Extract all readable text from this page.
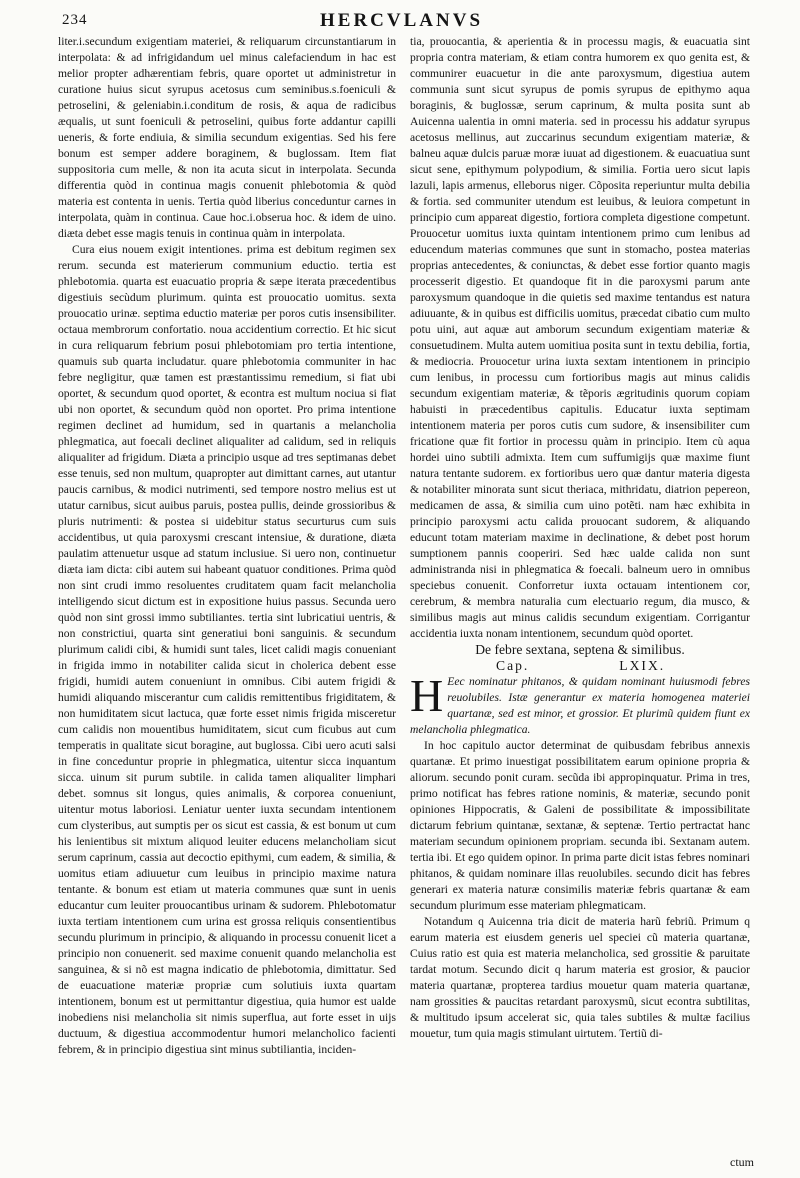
234	HERCVLANVS

liter.i.secundum exigentiam materiei, & reliquarum circunstantiarum in interpolata: & ad infrigidandum uel minus calefaciendum in hac est melior propter adhærentiam febris, quare oportet ut administretur in curatione huius sicut syrupus acetosus cum seminibus.s.foeniculi & petroselini, & geleniabin.i.conditum de rosis, & aqua de radicibus æqualis, ut sunt foeniculi & petroselini, quibus forte addantur capilli ueneris, & forte endiuia, & similia secundum exigentias. Sed his fere bonum est semper addere boraginem, & buglossam. Item fiat suppositoria cum melle, & non ita acuta sicut in interpolata. Secunda differentia quòd in continua magis conuenit phlebotomia & quòd materia est contenta in uenis. Tertia quòd liberius conceduntur carnes in interpolata, quàm in continua. Caue hoc.i.obserua hoc. & idem de uino. diæta debet esse magis tenuis in continua quàm in interpolata.

Cura eius nouem exigit intentiones. prima est debitum regimen sex rerum. secunda est materierum communium eductio. tertia est phlebotomia. quarta est euacuatio propria & sæpe iterata præcedentibus digestiuis secùdum plurimum. quinta est prouocatio uomitus. sexta prouocatio urinæ. septima eductio materiæ per poros cutis insensibiliter. octaua membrorum confortatio. noua accidentium correctio. Et hic sicut in cura reliquarum febrium posui phlebotomiam pro tertia intentione, quamuis sub quarta includatur. quare phlebotomia communiter in hac febre negligitur, quæ tamen est præstantissimu remedium, si fiat ubi oportet, & secundum quod oportet, & econtra est multum nociua si fiat ubi non oportet, & secundum quòd non oportet. Pro prima intentione regimen declinet ad humidum, sed in quartanis a melancholia phlegmatica, aut foecali declinet aliqualiter ad calidum, sed in reliquis aliqualiter ad frigidum. Diæta a principio usque ad tres septimanas debet esse tenuis, sed non multum, quapropter aut dimittant carnes, aut utantur paucis carnibus, & modici nutrimenti, sed tempore nostro melius est ut utatur carnibus, sicut auibus paruis, postea pullis, deinde grossioribus & pluris nutrimenti: & postea si uidebitur status securturus cum suis accidentibus, ut quia paroxysmi crescant intensiue, & duratione, diæta paulatim attenuetur usque ad statum inclusiue. Si uero non, continuetur diæta iam dicta: cibi autem sui habeant quatuor conditiones. Prima quòd non sint crudi immo resoluentes cruditatem quam facit melancholia intelligendo sicut dictum est in expositione huius passus. Secunda uero quòd non sint grossi immo subtiliantes. tertia sint lubricatiui uentris, & non constrictiui, quarta sint generatiui boni sanguinis. & secundum plurimum calidi cibi, & humidi sunt tales, licet calidi magis conueniant in frigida immo in notabiliter calida sicut in cholerica debent esse frigidi, humidi autem conueniunt in omnibus. Cibi autem frigidi & humidi aliquando miscerantur cum calidis remittentibus frigiditatem, & non humiditatem sicut lactuca, quæ forte esset nimis frigida misceretur cum calidis non mouentibus humiditatem, sicut cum ficubus aut cum temperatis in qualitate sicut boragine, aut buglossa. Cibi uero acuti salsi in fine conceduntur proprie in phlegmatica, uitentur sicca inquantum sicca. uinum sit purum subtile. in calida tamen aliqualiter limphari debet. somnus sit longus, quies animalis, & corporea conueniunt, uitentur motus laboriosi. Leniatur uenter iuxta secundam intentionem cum clysteribus, aut sumptis per os sicut est cassia, & est bonum ut cum his lenientibus sit mixtum aliquod leuiter educens melancholiam sicut serum caprinum, cassia aut decoctio epithymi, cum eadem, & similia, & uomitus etiam adiuuetur cum leuibus in principio maxime natura tentante. & bonum est etiam ut materia communes quæ sunt in uenis educantur cum leuiter prouocantibus urinam & sudorem. Phlebotomatur iuxta tertiam intentionem cum urina est grossa reliquis consentientibus secundu plurimum in principio, & aliquando in processu conuenit licet a principio non conuenerit. sed maxime conuenit quando melancholia est sanguinea, & si nõ est magna indicatio de phlebotomia, dimittatur. Sed de euacuatione materiæ propriæ cum solutiuis iuxta quartam intentionem, bonum est ut permittantur digestiua, quia humor est ualde inobediens nisi melancholia sit nimis superflua, aut forte esset in uijs ductuum, & digestiua accommodentur humori melancholico facienti febrem, & in principio digestiua sint minus subtiliantia, inciden-

tia, prouocantia, & aperientia & in processu magis, & euacuatia sint propria contra materiam, & etiam contra humorem ex quo genita est, & communirer euacuetur in die ante paroxysmum, digestiua autem communia sunt sicut syrupus de pomis syrupus de epithymo aqua boraginis, & buglossæ, serum caprinum, & multa posita sunt ab Auicenna ualentia in omni materia. sed in processu his addatur syrupus acetosus mellinus, aut zuccarinus secundum exigentiam materiæ, & balneu aquæ dulcis paruæ moræ iuuat ad digestionem. & euacuatiua sunt sicut sene, epithymum polypodium, & similia. Fortia uero sicut lapis lazuli, lapis armenus, elleborus niger. Cõposita reperiuntur multa debilia & fortia. sed communiter utendum est leuibus, & leuiora competunt in principio cum appareat digestio, fortiora completa digestione competunt. Prouocetur uomitus iuxta quintam intentionem primo cum lenibus ad educendum materias communes que sunt in stomacho, postea materias proprias antecedentes, & coniunctas, & debet esse fortior quanto magis processerit digestio. Et quandoque fit in die paroxysmi parum ante paroxysmum quandoque in die quietis sed maxime tentandus est natura adiuuante, & in quibus est difficilis uomitus, præcedat cibatio cum multo potu uini, aut aquæ aut amborum secundum exigentiam materiæ & consuetudinem. Multa autem uomitiua posita sunt in textu debilia, fortia, & mediocria. Prouocetur urina iuxta sextam intentionem in principio cum lenibus, in processu cum fortioribus magis aut minus calidis secundum exigentiam materiæ, & tẽporis ægritudinis quorum copiam habuisti in præcedentibus capitulis. Educatur iuxta septimam intentionem materia per poros cutis cum sudore, & insensibiliter cum fricatione quæ fit fortior in processu quàm in principio. Item cù aqua hordei uino subtili admixta. Item cum suffumigijs quæ maxime fiunt natura tentante sudorem. ex fortioribus uero quæ dantur materia digesta & notabiliter minorata sunt sicut theriaca, mithridatu, diatrion pepereon, medicamen de assa, & similia cum uino potẽti. nam hæc exhibita in principio paroxysmi actu calida prouocant sudorem, & aliquando educunt totam materiam maxime in declinatione, & debet post horum sumptionem pannis cooperiri. Sed hæc ualde calida non sunt administranda nisi in phlegmatica & foecali. balneum uero in omnibus speciebus conuenit. Conforretur iuxta octauam intentionem cor, cerebrum, & membra naturalia cum electuario regum, dia musco, & similibus magis aut minus calidis secundum exigentiam. Corrigantur accidentia iuxta nonam intentionem, secundum quòd oportet.

De febre sextana, septena & similibus.

Cap.	LXIX.

H Eec nominatur phitanos, & quidam nominant huiusmodi febres reuolubiles. Istæ generantur ex materia homogenea materiei quartanæ, sed est minor, et grossior. Et plurimũ quidem fiunt ex melancholia phlegmatica.

In hoc capitulo auctor determinat de quibusdam febribus annexis quartanæ. Et primo inuestigat possibilitatem earum opinione propria & aliorum. secundo ponit curam. secũda ibi appropinquatur. Prima in tres, primo notificat has febres ratione nominis, & materiæ, secundo ponit opiniones Hippocratis, & Galeni de possibilitate & impossibilitate dictarum febrium quintanæ, sextanæ, & septenæ. Tertio pertractat hanc materiam secundum opinionem propriam. secunda ibi. Sextanam autem. tertia ibi. Et ego quidem opinor. In prima parte dicit istas febres nominari phitanos, & quidam nominare illas reuolubiles. secundo dicit has febres generari ex materia naturæ consimilis materiæ febris quartanæ & eam secundum plurimum esse materiam phlegmaticam.

Notandum q Auicenna tria dicit de materia harũ febriũ. Primum q earum materia est eiusdem generis uel speciei cũ materia quartanæ, Cuius ratio est quia est materia melancholica, sed grossitie & paruitate tardat motum. Secundo dicit q harum materia est grosior, & paucior materia quartanæ, propterea tardius mouetur quam materia quartanæ, nam grossities & paucitas retardant paroxysmũ, sicut econtra subtilitas, & multitudo ipsum accelerat sic, quia tales subtiles & multæ facilius mouetur, tum quia magis stimulant uirtutem. Tertiũ di-

ctum
